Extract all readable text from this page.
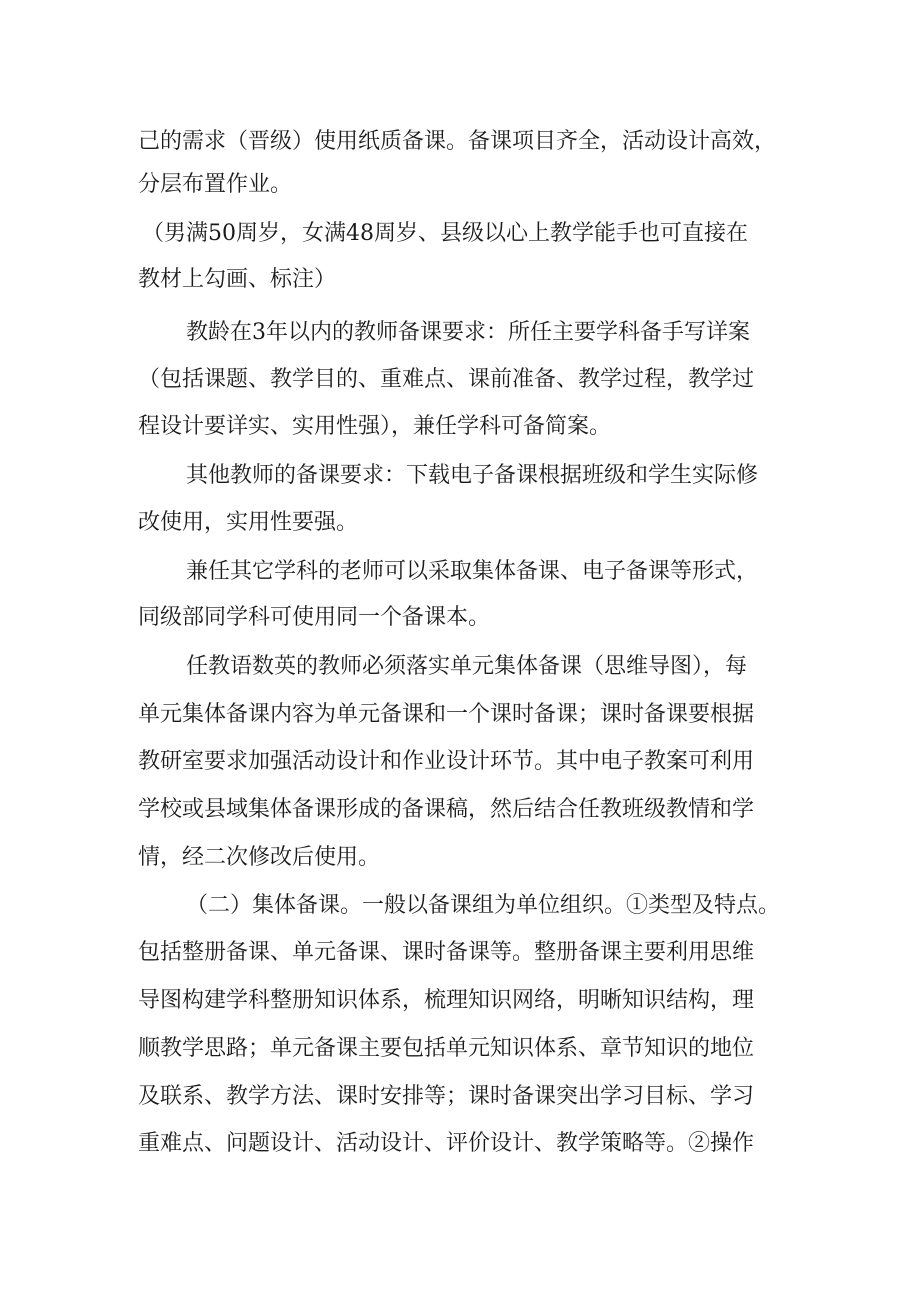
己的需求（晋级）使用纸质备课。备课项目齐全，活动设计高效，

分层布置作业。

（男满50周岁，女满48周岁、县级以心上教学能手也可直接在

教材上勾画、标注）

教龄在3年以内的教师备课要求：所任主要学科备手写详案

（包括课题、教学目的、重难点、课前准备、教学过程，教学过

程设计要详实、实用性强），兼任学科可备简案。

其他教师的备课要求：下载电子备课根据班级和学生实际修

改使用，实用性要强。

兼任其它学科的老师可以采取集体备课、电子备课等形式，

同级部同学科可使用同一个备课本。

任教语数英的教师必须落实单元集体备课（思维导图），每

单元集体备课内容为单元备课和一个课时备课；课时备课要根据

教研室要求加强活动设计和作业设计环节。其中电子教案可利用

学校或县域集体备课形成的备课稿，然后结合任教班级教情和学

情，经二次修改后使用。

（二）集体备课。一般以备课组为单位组织。①类型及特点。

包括整册备课、单元备课、课时备课等。整册备课主要利用思维

导图构建学科整册知识体系，梳理知识网络，明晰知识结构，理

顺教学思路；单元备课主要包括单元知识体系、章节知识的地位

及联系、教学方法、课时安排等；课时备课突出学习目标、学习

重难点、问题设计、活动设计、评价设计、教学策略等。②操作
